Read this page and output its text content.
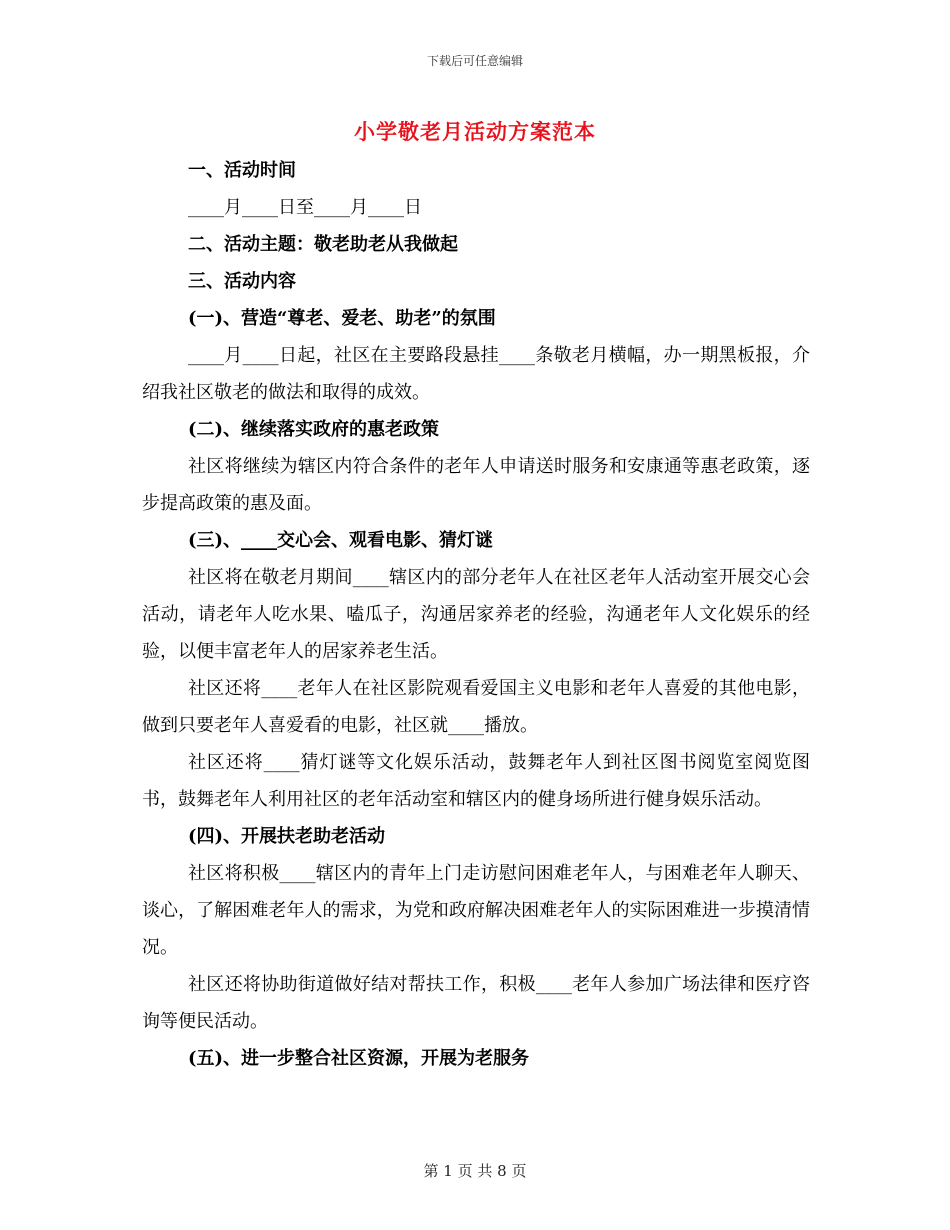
下载后可任意编辑
小学敬老月活动方案范本

一、活动时间

____月____日至____月____日

二、活动主题：敬老助老从我做起

三、活动内容

(一)、营造“尊老、爱老、助老”的氛围

____月____日起，社区在主要路段悬挂____条敬老月横幅，办一期黑板报，介绍我社区敬老的做法和取得的成效。

(二)、继续落实政府的惠老政策

社区将继续为辖区内符合条件的老年人申请送时服务和安康通等惠老政策，逐步提高政策的惠及面。

(三)、____交心会、观看电影、猜灯谜

社区将在敬老月期间____辖区内的部分老年人在社区老年人活动室开展交心会活动，请老年人吃水果、嗑瓜子，沟通居家养老的经验，沟通老年人文化娱乐的经验，以便丰富老年人的居家养老生活。

社区还将____老年人在社区影院观看爱国主义电影和老年人喜爱的其他电影，做到只要老年人喜爱看的电影，社区就____播放。

社区还将____猜灯谜等文化娱乐活动，鼓舞老年人到社区图书阅览室阅览图书，鼓舞老年人利用社区的老年活动室和辖区内的健身场所进行健身娱乐活动。

(四)、开展扶老助老活动

社区将积极____辖区内的青年上门走访慰问困难老年人，与困难老年人聊天、谈心，了解困难老年人的需求，为党和政府解决困难老年人的实际困难进一步摸清情况。

社区还将协助街道做好结对帮扶工作，积极____老年人参加广场法律和医疗咨询等便民活动。

(五)、进一步整合社区资源，开展为老服务

第 1 页 共 8 页
